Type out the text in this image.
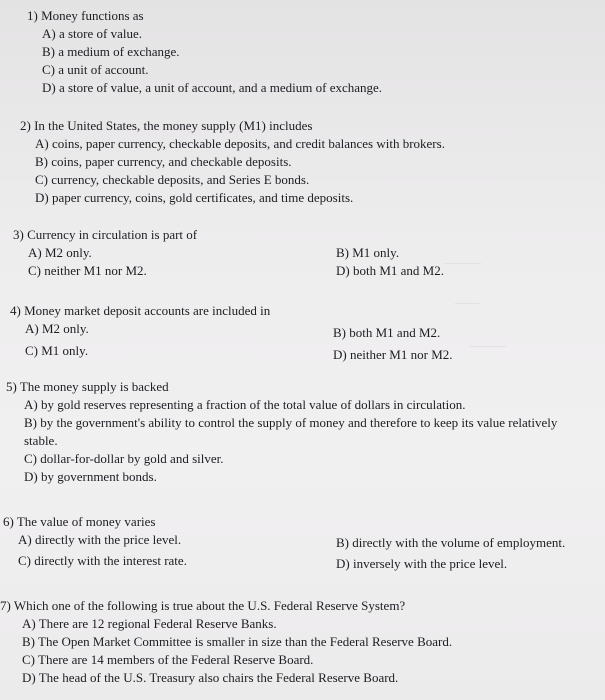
———
——
———
1) Money functions as
A) a store of value.
B) a medium of exchange.
C) a unit of account.
D) a store of value, a unit of account, and a medium of exchange.
2) In the United States, the money supply (M1) includes
A) coins, paper currency, checkable deposits, and credit balances with brokers.
B) coins, paper currency, and checkable deposits.
C) currency, checkable deposits, and Series E bonds.
D) paper currency, coins, gold certificates, and time deposits.
3) Currency in circulation is part of
A) M2 only.	B) M1 only.
C) neither M1 nor M2.	D) both M1 and M2.
4) Money market deposit accounts are included in
A) M2 only.	B) both M1 and M2.
C) M1 only.	D) neither M1 nor M2.
5) The money supply is backed
A) by gold reserves representing a fraction of the total value of dollars in circulation.
B) by the government's ability to control the supply of money and therefore to keep its value relatively stable.
C) dollar-for-dollar by gold and silver.
D) by government bonds.
6) The value of money varies
A) directly with the price level.	B) directly with the volume of employment.
C) directly with the interest rate.	D) inversely with the price level.
7) Which one of the following is true about the U.S. Federal Reserve System?
A) There are 12 regional Federal Reserve Banks.
B) The Open Market Committee is smaller in size than the Federal Reserve Board.
C) There are 14 members of the Federal Reserve Board.
D) The head of the U.S. Treasury also chairs the Federal Reserve Board.
